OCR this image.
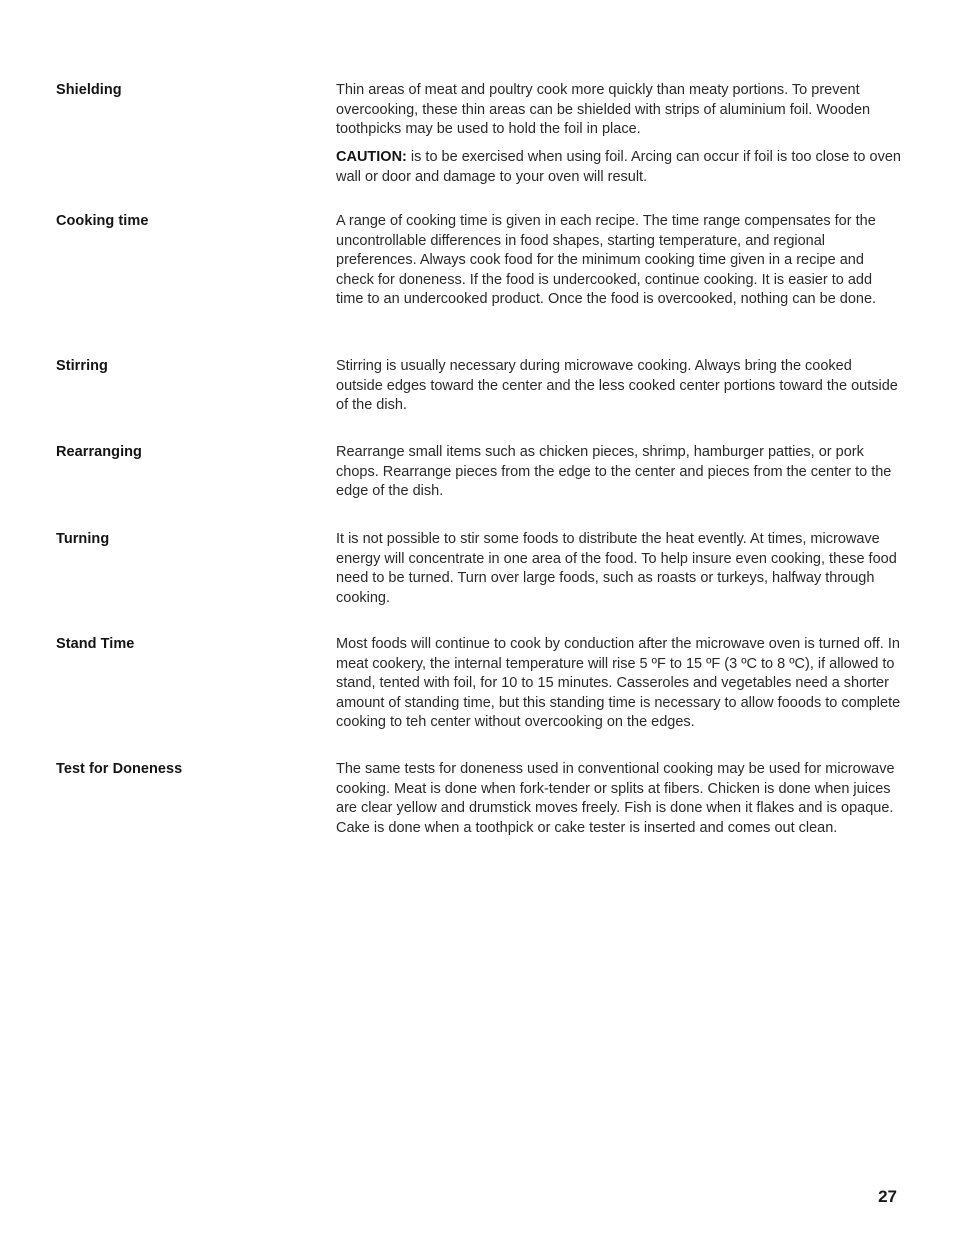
Shielding	Thin areas of meat and poultry cook more quickly than meaty portions. To prevent overcooking, these thin areas can be shielded with strips of aluminium foil. Wooden toothpicks may be used to hold the foil in place.

CAUTION: is to be exercised when using foil. Arcing can occur if foil is too close to oven wall or door and damage to your oven will result.

Cooking time	A range of cooking time is given in each recipe. The time range compensates for the uncontrollable differences in food shapes, starting temperature, and regional preferences. Always cook food for the minimum cooking time given in a recipe and check for doneness. If the food is undercooked, continue cooking. It is easier to add time to an undercooked product. Once the food is overcooked, nothing can be done.

Stirring	Stirring is usually necessary during microwave cooking. Always bring the cooked outside edges toward the center and the less cooked center portions toward the outside of the dish.

Rearranging	Rearrange small items such as chicken pieces, shrimp, hamburger patties, or pork chops. Rearrange pieces from the edge to the center and pieces from the center to the edge of the dish.

Turning	It is not possible to stir some foods to distribute the heat evently. At times, microwave energy will concentrate in one area of the food. To help insure even cooking, these food need to be turned. Turn over large foods, such as roasts or turkeys, halfway through cooking.

Stand Time	Most foods will continue to cook by conduction after the microwave oven is turned off. In meat cookery, the internal temperature will rise 5 ºF to 15 ºF (3 ºC to 8 ºC), if allowed to stand, tented with foil, for 10 to 15 minutes. Casseroles and vegetables need a shorter amount of standing time, but this standing time is necessary to allow fooods to complete cooking to teh center without overcooking on the edges.

Test for Doneness	The same tests for doneness used in conventional cooking may be used for microwave cooking. Meat is done when fork-tender or splits at fibers. Chicken is done when juices are clear yellow and drumstick moves freely. Fish is done when it flakes and is opaque. Cake is done when a toothpick or cake tester is inserted and comes out clean.

27
